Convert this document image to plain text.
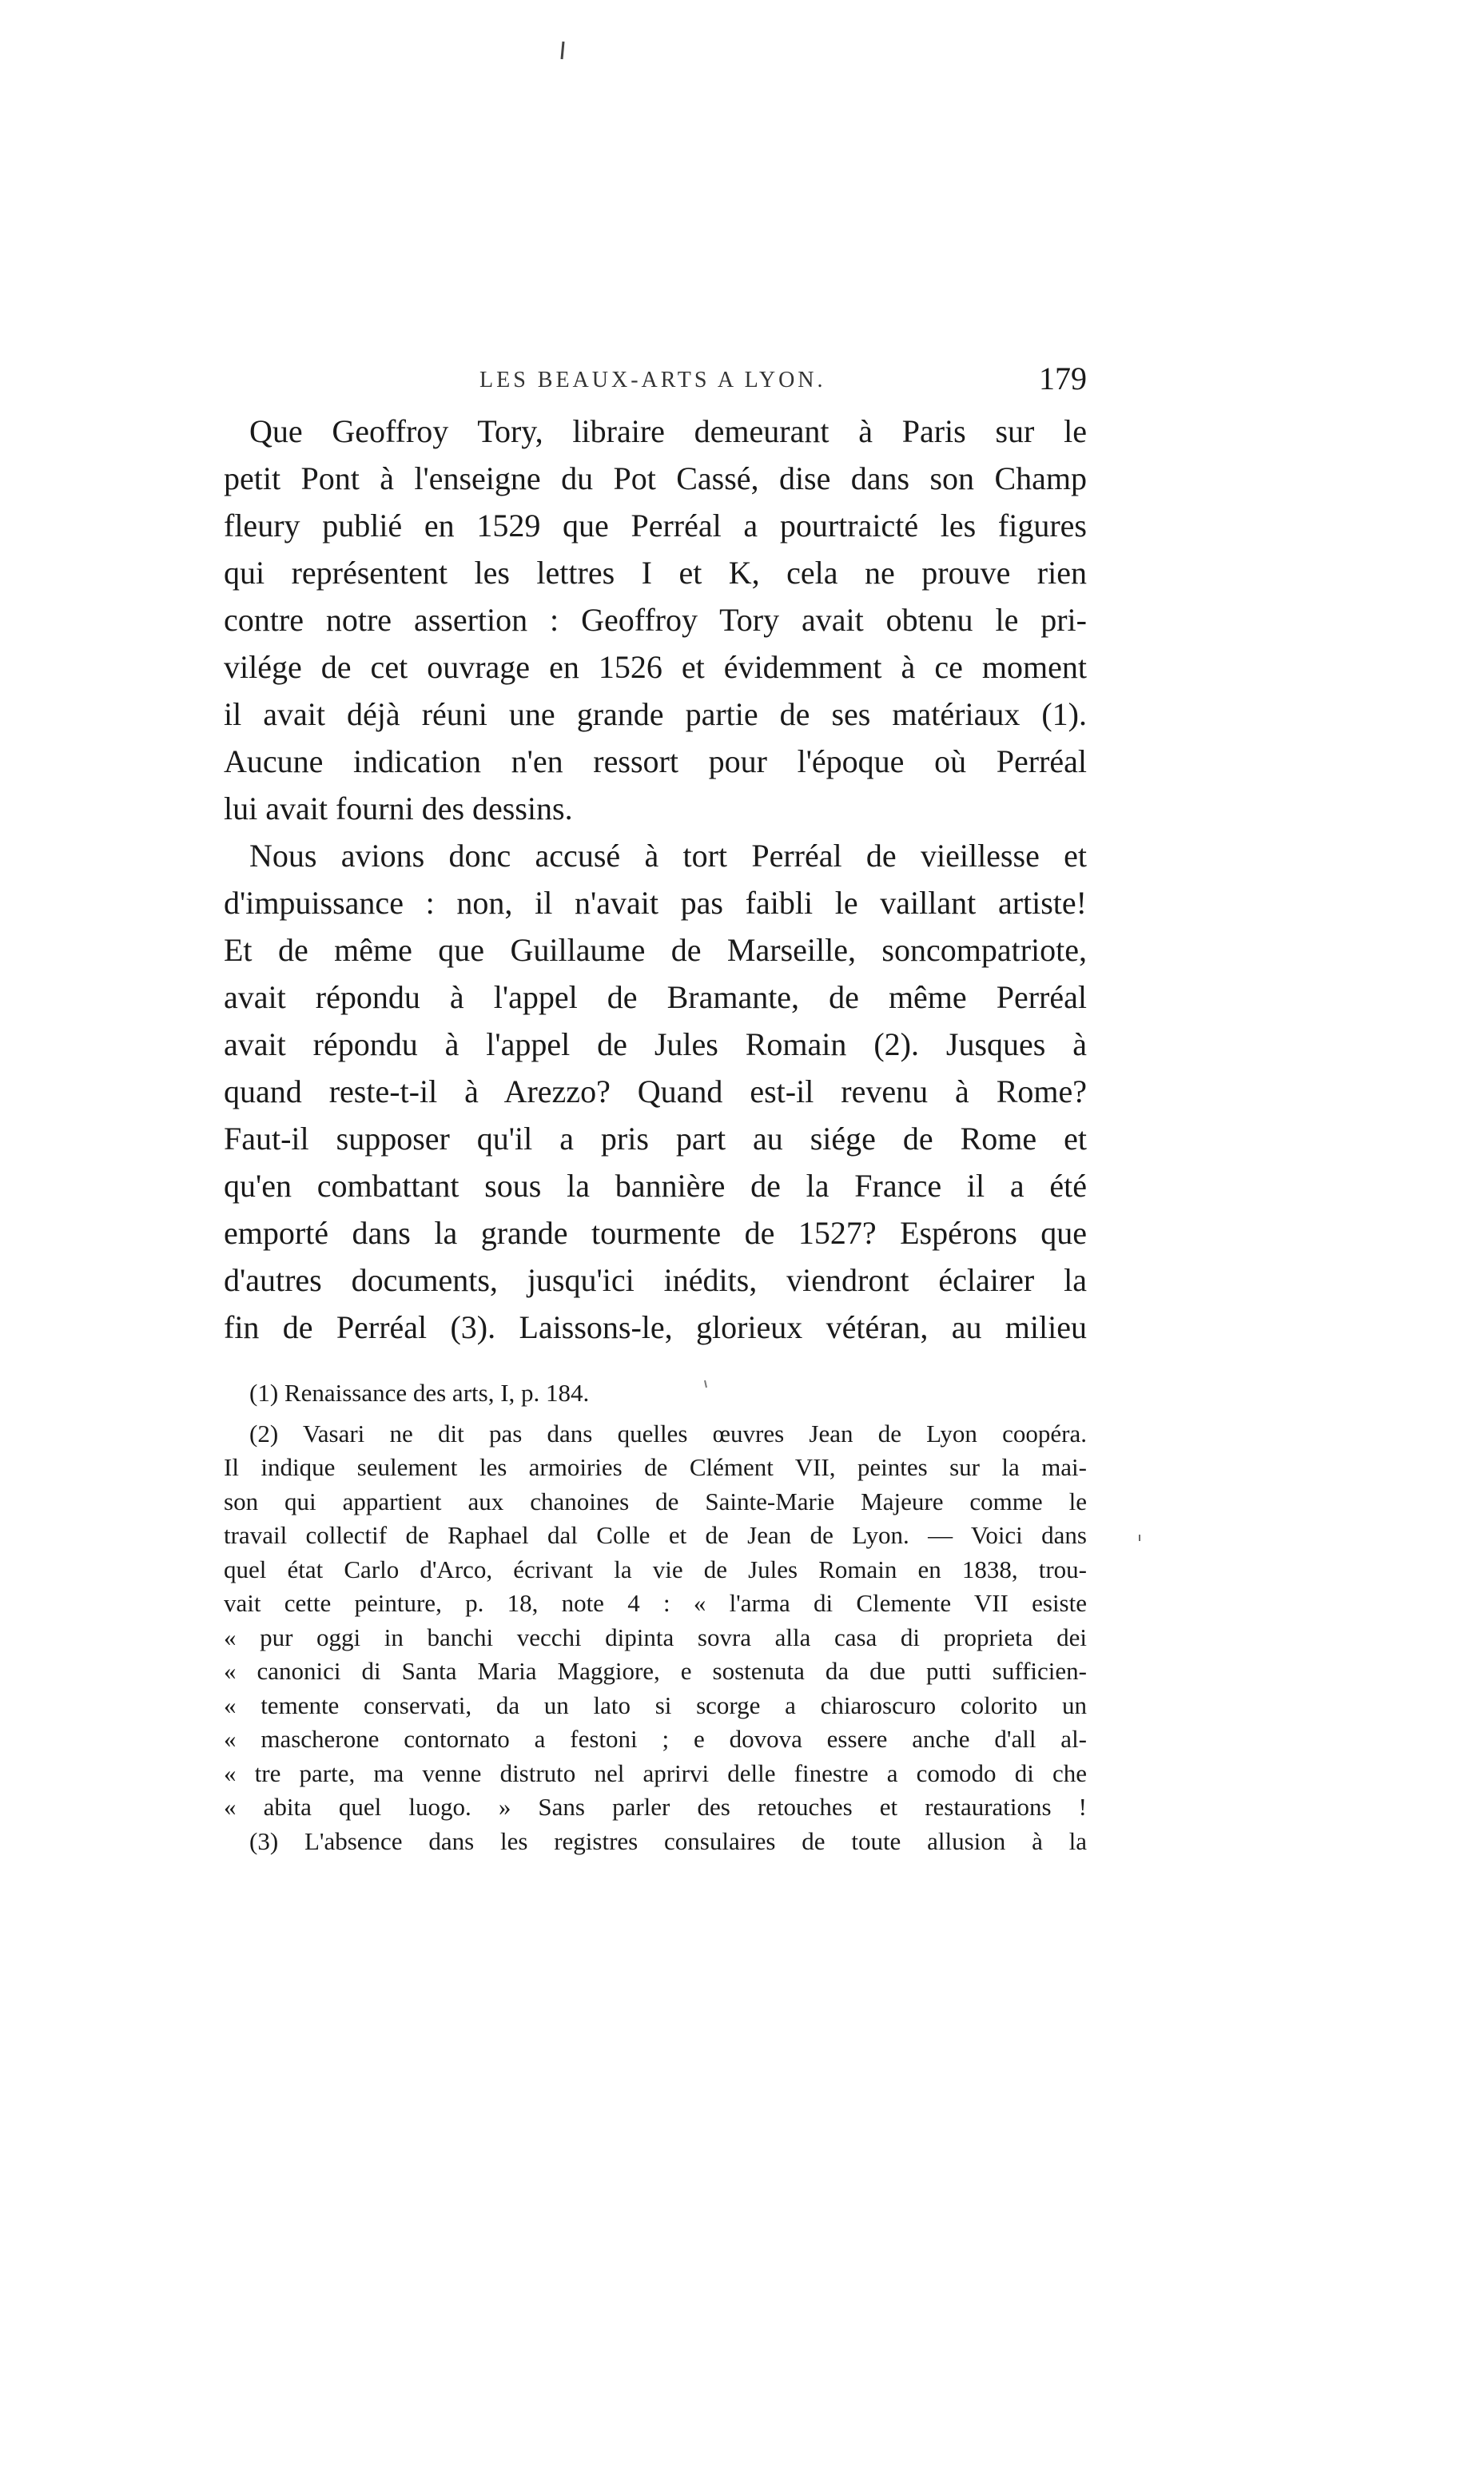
LES BEAUX-ARTS A LYON.	179
Que Geoffroy Tory, libraire demeurant à Paris sur le
petit Pont à l'enseigne du Pot Cassé, dise dans son Champ
fleury publié en 1529 que Perréal a pourtraicté les figures
qui représentent les lettres I et K, cela ne prouve rien
contre notre assertion : Geoffroy Tory avait obtenu le pri-
vilége de cet ouvrage en 1526 et évidemment à ce moment
il avait déjà réuni une grande partie de ses matériaux (1).
Aucune indication n'en ressort pour l'époque où Perréal
lui avait fourni des dessins.
Nous avions donc accusé à tort Perréal de vieillesse et
d'impuissance : non, il n'avait pas faibli le vaillant artiste!
Et de même que Guillaume de Marseille, soncompatriote,
avait répondu à l'appel de Bramante, de même Perréal
avait répondu à l'appel de Jules Romain (2). Jusques à
quand reste-t-il à Arezzo? Quand est-il revenu à Rome?
Faut-il supposer qu'il a pris part au siége de Rome et
qu'en combattant sous la bannière de la France il a été
emporté dans la grande tourmente de 1527? Espérons que
d'autres documents, jusqu'ici inédits, viendront éclairer la
fin de Perréal (3). Laissons-le, glorieux vétéran, au milieu
(1) Renaissance des arts, I, p. 184.
(2) Vasari ne dit pas dans quelles œuvres Jean de Lyon coopéra.
Il indique seulement les armoiries de Clément VII, peintes sur la mai-
son qui appartient aux chanoines de Sainte-Marie Majeure comme le
travail collectif de Raphael dal Colle et de Jean de Lyon. — Voici dans
quel état Carlo d'Arco, écrivant la vie de Jules Romain en 1838, trou-
vait cette peinture, p. 18, note 4 : « l'arma di Clemente VII esiste
« pur oggi in banchi vecchi dipinta sovra alla casa di proprieta dei
« canonici di Santa Maria Maggiore, e sostenuta da due putti sufficien-
« temente conservati, da un lato si scorge a chiaroscuro colorito un
« mascherone contornato a festoni ; e dovova essere anche d'all al-
« tre parte, ma venne distruto nel aprirvi delle finestre a comodo di che
« abita quel luogo. » Sans parler des retouches et restaurations !
(3) L'absence dans les registres consulaires de toute allusion à la
